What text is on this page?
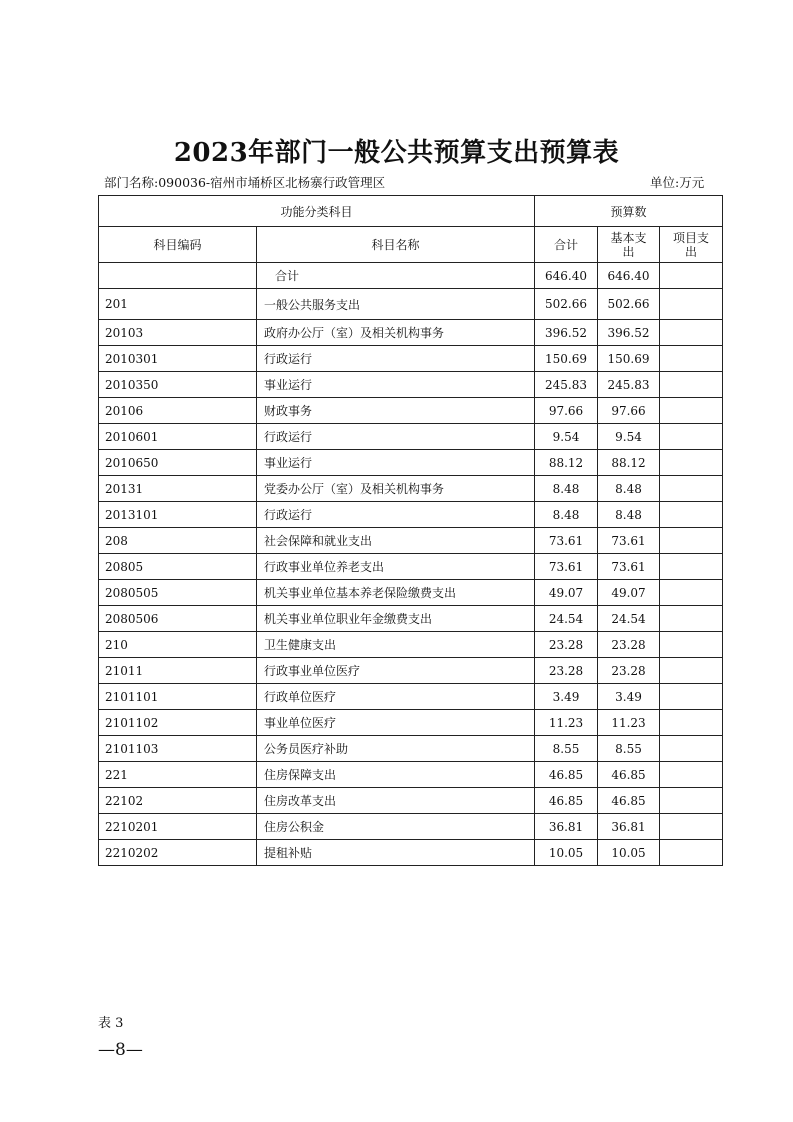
2023年部门一般公共预算支出预算表
部门名称:090036-宿州市埇桥区北杨寨行政管理区	单位:万元
功能分类科目		预算数		
科目编码	科目名称	合计	基本支出	项目支出
	合计	646.40	646.40	
201	一般公共服务支出	502.66	502.66	
20103	政府办公厅（室）及相关机构事务	396.52	396.52	
2010301	行政运行	150.69	150.69	
2010350	事业运行	245.83	245.83	
20106	财政事务	97.66	97.66	
2010601	行政运行	9.54	9.54	
2010650	事业运行	88.12	88.12	
20131	党委办公厅（室）及相关机构事务	8.48	8.48	
2013101	行政运行	8.48	8.48	
208	社会保障和就业支出	73.61	73.61	
20805	行政事业单位养老支出	73.61	73.61	
2080505	机关事业单位基本养老保险缴费支出	49.07	49.07	
2080506	机关事业单位职业年金缴费支出	24.54	24.54	
210	卫生健康支出	23.28	23.28	
21011	行政事业单位医疗	23.28	23.28	
2101101	行政单位医疗	3.49	3.49	
2101102	事业单位医疗	11.23	11.23	
2101103	公务员医疗补助	8.55	8.55	
221	住房保障支出	46.85	46.85	
22102	住房改革支出	46.85	46.85	
2210201	住房公积金	36.81	36.81	
2210202	提租补贴	10.05	10.05	
表 3
—8—
